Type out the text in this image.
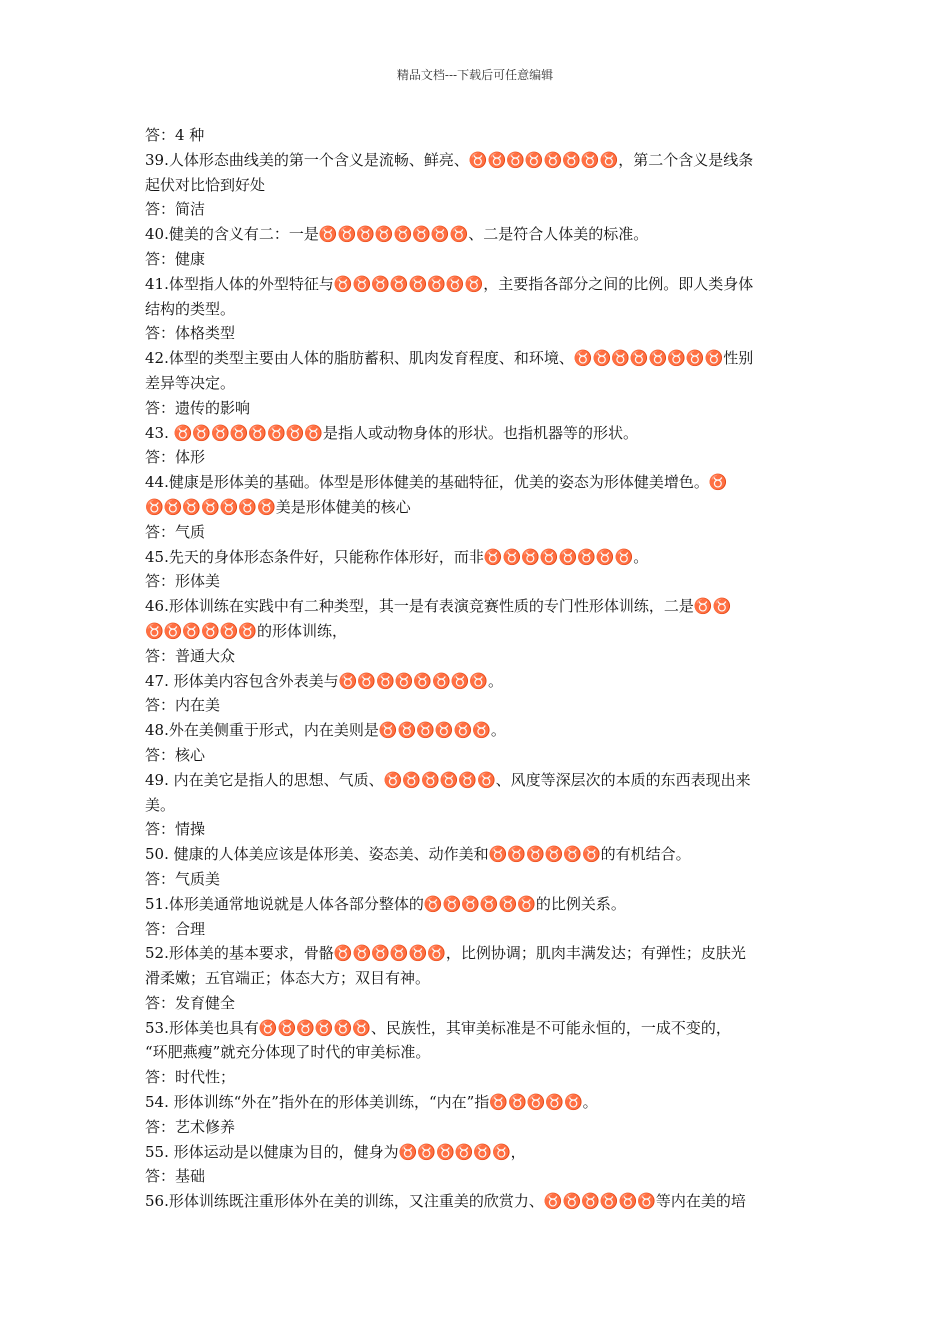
精品文档---下载后可任意编辑
答：4 种
39.人体形态曲线美的第一个含义是流畅、鲜亮、♉♉♉♉♉♉♉♉，第二个含义是线条
起伏对比恰到好处
答：简洁
40.健美的含义有二：一是♉♉♉♉♉♉♉♉、二是符合人体美的标准。
答：健康
41.体型指人体的外型特征与♉♉♉♉♉♉♉♉，主要指各部分之间的比例。即人类身体
结构的类型。
答：体格类型
42.体型的类型主要由人体的脂肪蓄积、肌肉发育程度、和环境、♉♉♉♉♉♉♉♉性别
差异等决定。
答：遗传的影响
43. ♉♉♉♉♉♉♉♉是指人或动物身体的形状。也指机器等的形状。
答：体形
44.健康是形体美的基础。体型是形体健美的基础特征，优美的姿态为形体健美增色。♉
♉♉♉♉♉♉♉美是形体健美的核心
答：气质
45.先天的身体形态条件好，只能称作体形好，而非♉♉♉♉♉♉♉♉。
答：形体美
46.形体训练在实践中有二种类型，其一是有表演竞赛性质的专门性形体训练，二是♉♉
♉♉♉♉♉♉的形体训练，
答：普通大众
47. 形体美内容包含外表美与♉♉♉♉♉♉♉♉。
答：内在美
48.外在美侧重于形式，内在美则是♉♉♉♉♉♉。
答：核心
49. 内在美它是指人的思想、气质、♉♉♉♉♉♉、风度等深层次的本质的东西表现出来
美。
答：情操
50. 健康的人体美应该是体形美、姿态美、动作美和♉♉♉♉♉♉的有机结合。
答：气质美
51.体形美通常地说就是人体各部分整体的♉♉♉♉♉♉的比例关系。
答：合理
52.形体美的基本要求，骨骼♉♉♉♉♉♉，比例协调；肌肉丰满发达；有弹性；皮肤光
滑柔嫩；五官端正；体态大方；双目有神。
答：发育健全
53.形体美也具有♉♉♉♉♉♉、民族性，其审美标准是不可能永恒的，一成不变的，
“环肥燕瘦”就充分体现了时代的审美标准。
答：时代性；
54. 形体训练“外在”指外在的形体美训练，“内在”指♉♉♉♉♉。
答：艺术修养
55. 形体运动是以健康为目的，健身为♉♉♉♉♉♉，
答：基础
56.形体训练既注重形体外在美的训练，又注重美的欣赏力、♉♉♉♉♉♉等内在美的培
